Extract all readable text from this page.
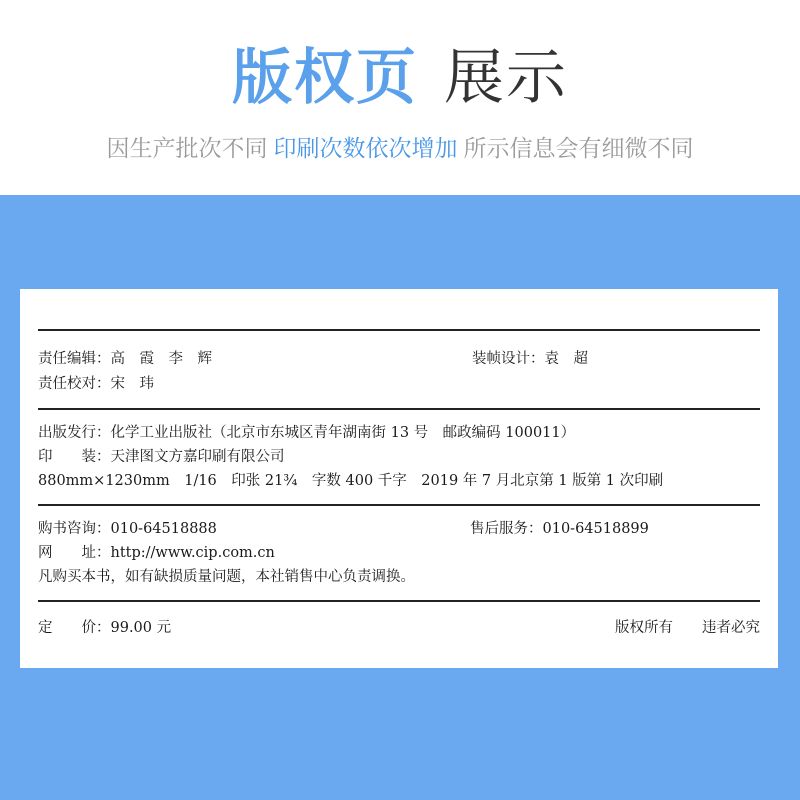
版权页 展示
因生产批次不同 印刷次数依次增加 所示信息会有细微不同
责任编辑：高　霞　李　辉	装帧设计：袁　超
责任校对：宋　玮
出版发行：化学工业出版社（北京市东城区青年湖南街 13 号　邮政编码 100011）
印　　装：天津图文方嘉印刷有限公司
880mm×1230mm　1/16　印张 21¾　字数 400 千字　2019 年 7 月北京第 1 版第 1 次印刷
购书咨询：010-64518888	售后服务：010-64518899
网　　址：http://www.cip.com.cn
凡购买本书，如有缺损质量问题，本社销售中心负责调换。
定　　价：99.00 元	版权所有　　违者必究
